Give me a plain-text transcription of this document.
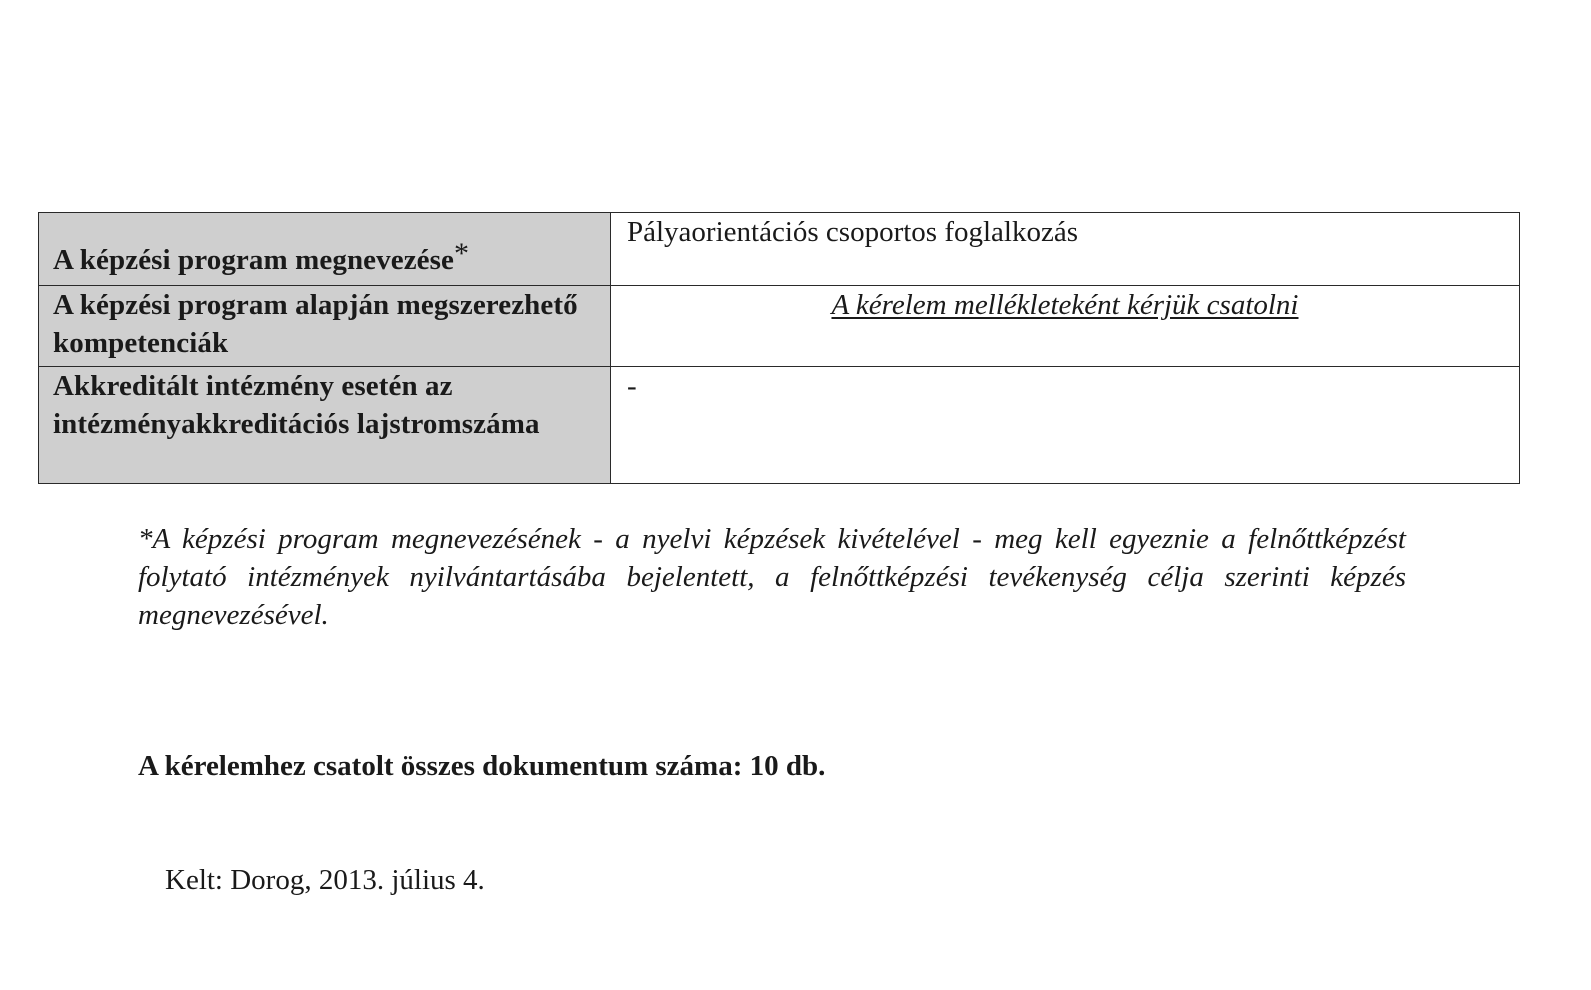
A képzési program megnevezése*	Pályaorientációs csoportos foglalkozás
A képzési program alapján megszerezhető kompetenciák	A kérelem mellékleteként kérjük csatolni
Akkreditált intézmény esetén az intézményakkreditációs lajstromszáma	-

*A képzési program megnevezésének - a nyelvi képzések kivételével - meg kell egyeznie a felnőttképzést folytató intézmények nyilvántartásába bejelentett, a felnőttképzési tevékenység célja szerinti képzés megnevezésével.

A kérelemhez csatolt összes dokumentum száma: 10 db.

Kelt: Dorog, 2013. július 4.
